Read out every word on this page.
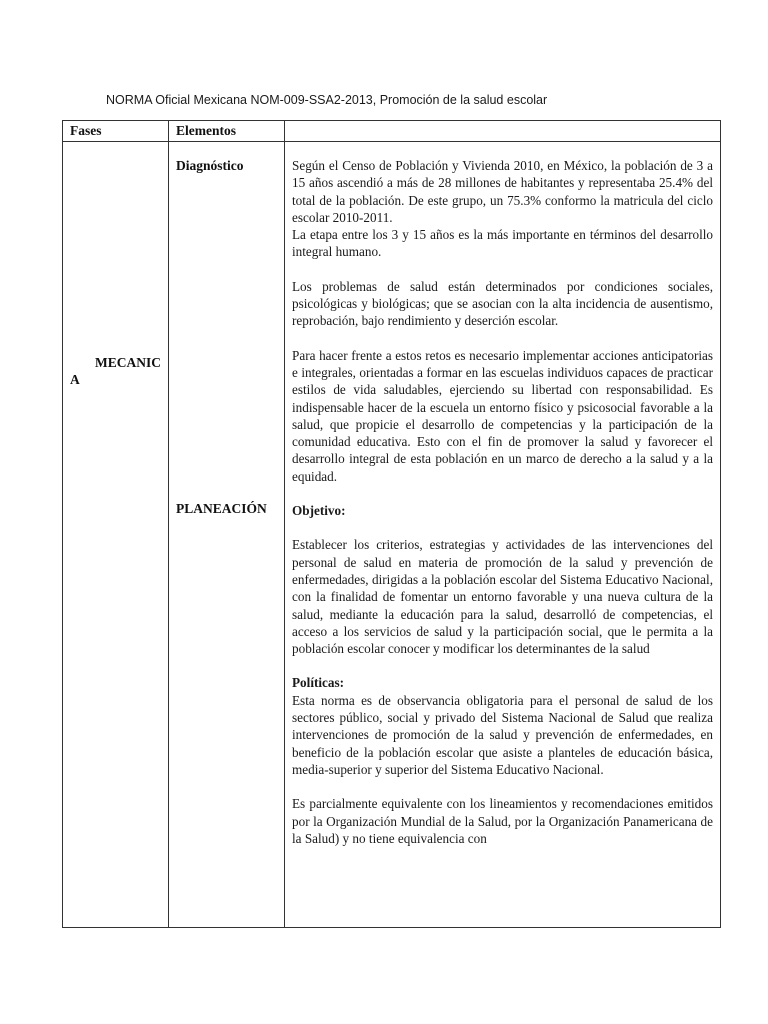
NORMA Oficial Mexicana NOM-009-SSA2-2013, Promoción de la salud escolar
Fases	Elementos
MECANICA
Diagnóstico
PLANEACIÓN

Según el Censo de Población y Vivienda 2010, en México, la población de 3 a 15 años ascendió a más de 28 millones de habitantes y representaba 25.4% del total de la población. De este grupo, un 75.3% conformo la matricula del ciclo escolar 2010-2011.

La etapa entre los 3 y 15 años es la más importante en términos del desarrollo integral humano.

Los problemas de salud están determinados por condiciones sociales, psicológicas y biológicas; que se asocian con la alta incidencia de ausentismo, reprobación, bajo rendimiento y deserción escolar.

Para hacer frente a estos retos es necesario implementar acciones anticipatorias e integrales, orientadas a formar en las escuelas individuos capaces de practicar estilos de vida saludables, ejerciendo su libertad con responsabilidad. Es indispensable hacer de la escuela un entorno físico y psicosocial favorable a la salud, que propicie el desarrollo de competencias y la participación de la comunidad educativa. Esto con el fin de promover la salud y favorecer el desarrollo integral de esta población en un marco de derecho a la salud y a la equidad.

Objetivo:

Establecer los criterios, estrategias y actividades de las intervenciones del personal de salud en materia de promoción de la salud y prevención de enfermedades, dirigidas a la población escolar del Sistema Educativo Nacional, con la finalidad de fomentar un entorno favorable y una nueva cultura de la salud, mediante la educación para la salud, desarrolló de competencias, el acceso a los servicios de salud y la participación social, que le permita a la población escolar conocer y modificar los determinantes de la salud

Políticas:

Esta norma es de observancia obligatoria para el personal de salud de los sectores público, social y privado del Sistema Nacional de Salud que realiza intervenciones de promoción de la salud y prevención de enfermedades, en beneficio de la población escolar que asiste a planteles de educación básica, media-superior y superior del Sistema Educativo Nacional.

Es parcialmente equivalente con los lineamientos y recomendaciones emitidos por la Organización Mundial de la Salud, por la Organización Panamericana de la Salud) y no tiene equivalencia con
